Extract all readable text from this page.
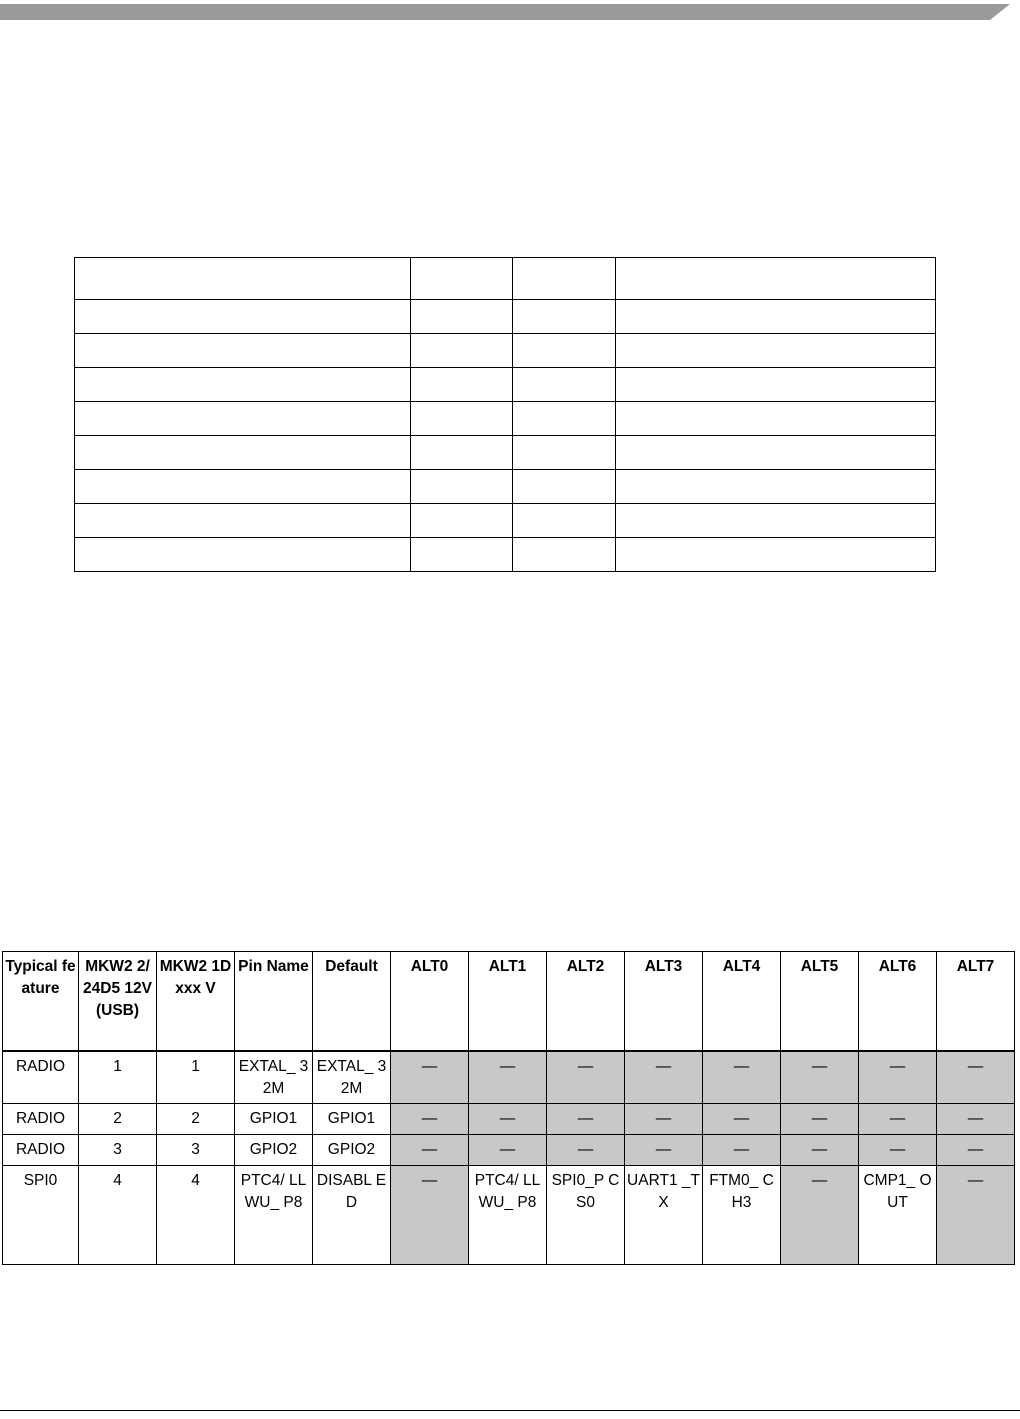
Typical feature	MKW2 2/24D5 12V (USB)	MKW2 1Dxxx V	Pin Name	Default	ALT0	ALT1	ALT2	ALT3	ALT4	ALT5	ALT6	ALT7
RADIO	1	1	EXTAL_ 32M	EXTAL_ 32M	—	—	—	—	—	—	—	—
RADIO	2	2	GPIO1	GPIO1	—	—	—	—	—	—	—	—
RADIO	3	3	GPIO2	GPIO2	—	—	—	—	—	—	—	—
SPI0	4	4	PTC4/ LLWU_ P8	DISABL ED	—	PTC4/ LLWU_ P8	SPI0_P CS0	UART1 _TX	FTM0_ CH3	—	CMP1_ OUT	—
